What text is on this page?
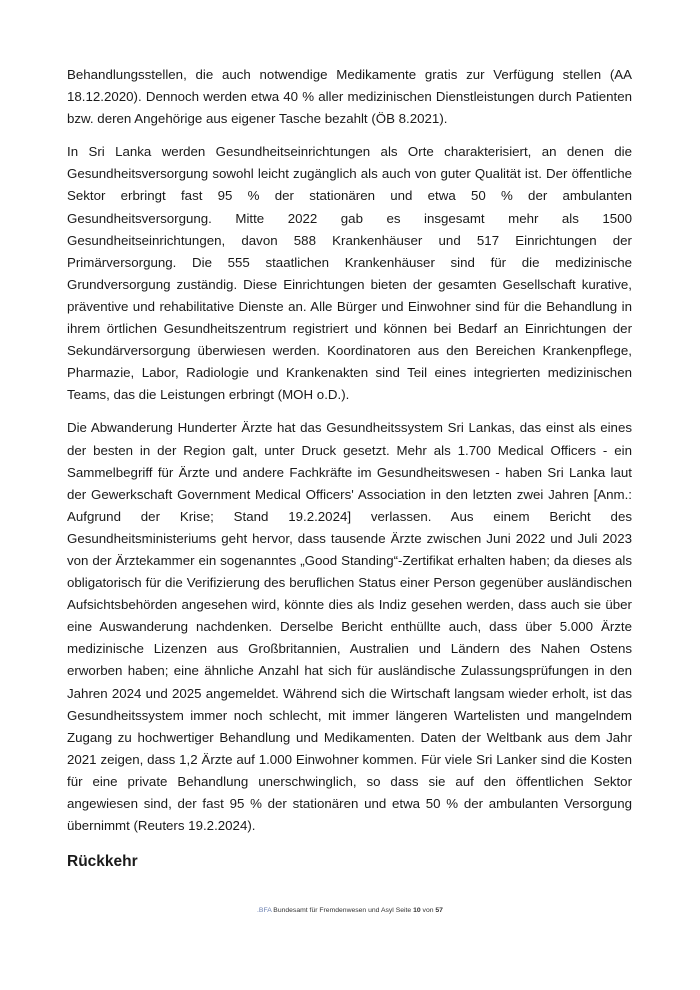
Behandlungsstellen, die auch notwendige Medikamente gratis zur Verfügung stellen (AA 18.12.2020). Dennoch werden etwa 40 % aller medizinischen Dienstleistungen durch Patienten bzw. deren Angehörige aus eigener Tasche bezahlt (ÖB 8.2021).

In Sri Lanka werden Gesundheitseinrichtungen als Orte charakterisiert, an denen die Gesundheitsversorgung sowohl leicht zugänglich als auch von guter Qualität ist. Der öffentliche Sektor erbringt fast 95 % der stationären und etwa 50 % der ambulanten Gesundheitsversorgung. Mitte 2022 gab es insgesamt mehr als 1500 Gesundheitseinrichtungen, davon 588 Krankenhäuser und 517 Einrichtungen der Primärversorgung. Die 555 staatlichen Krankenhäuser sind für die medizinische Grundversorgung zuständig. Diese Einrichtungen bieten der gesamten Gesellschaft kurative, präventive und rehabilitative Dienste an. Alle Bürger und Einwohner sind für die Behandlung in ihrem örtlichen Gesundheitszentrum registriert und können bei Bedarf an Einrichtungen der Sekundärversorgung überwiesen werden. Koordinatoren aus den Bereichen Krankenpflege, Pharmazie, Labor, Radiologie und Krankenakten sind Teil eines integrierten medizinischen Teams, das die Leistungen erbringt (MOH o.D.).

Die Abwanderung Hunderter Ärzte hat das Gesundheitssystem Sri Lankas, das einst als eines der besten in der Region galt, unter Druck gesetzt. Mehr als 1.700 Medical Officers - ein Sammelbegriff für Ärzte und andere Fachkräfte im Gesundheitswesen - haben Sri Lanka laut der Gewerkschaft Government Medical Officers' Association in den letzten zwei Jahren [Anm.: Aufgrund der Krise; Stand 19.2.2024] verlassen. Aus einem Bericht des Gesundheitsministeriums geht hervor, dass tausende Ärzte zwischen Juni 2022 und Juli 2023 von der Ärztekammer ein sogenanntes „Good Standing“-Zertifikat erhalten haben; da dieses als obligatorisch für die Verifizierung des beruflichen Status einer Person gegenüber ausländischen Aufsichtsbehörden angesehen wird, könnte dies als Indiz gesehen werden, dass auch sie über eine Auswanderung nachdenken. Derselbe Bericht enthüllte auch, dass über 5.000 Ärzte medizinische Lizenzen aus Großbritannien, Australien und Ländern des Nahen Ostens erworben haben; eine ähnliche Anzahl hat sich für ausländische Zulassungsprüfungen in den Jahren 2024 und 2025 angemeldet. Während sich die Wirtschaft langsam wieder erholt, ist das Gesundheitssystem immer noch schlecht, mit immer längeren Wartelisten und mangelndem Zugang zu hochwertiger Behandlung und Medikamenten. Daten der Weltbank aus dem Jahr 2021 zeigen, dass 1,2 Ärzte auf 1.000 Einwohner kommen. Für viele Sri Lanker sind die Kosten für eine private Behandlung unerschwinglich, so dass sie auf den öffentlichen Sektor angewiesen sind, der fast 95 % der stationären und etwa 50 % der ambulanten Versorgung übernimmt (Reuters 19.2.2024).

Rückkehr
.BFA Bundesamt für Fremdenwesen und Asyl Seite 10 von 57
